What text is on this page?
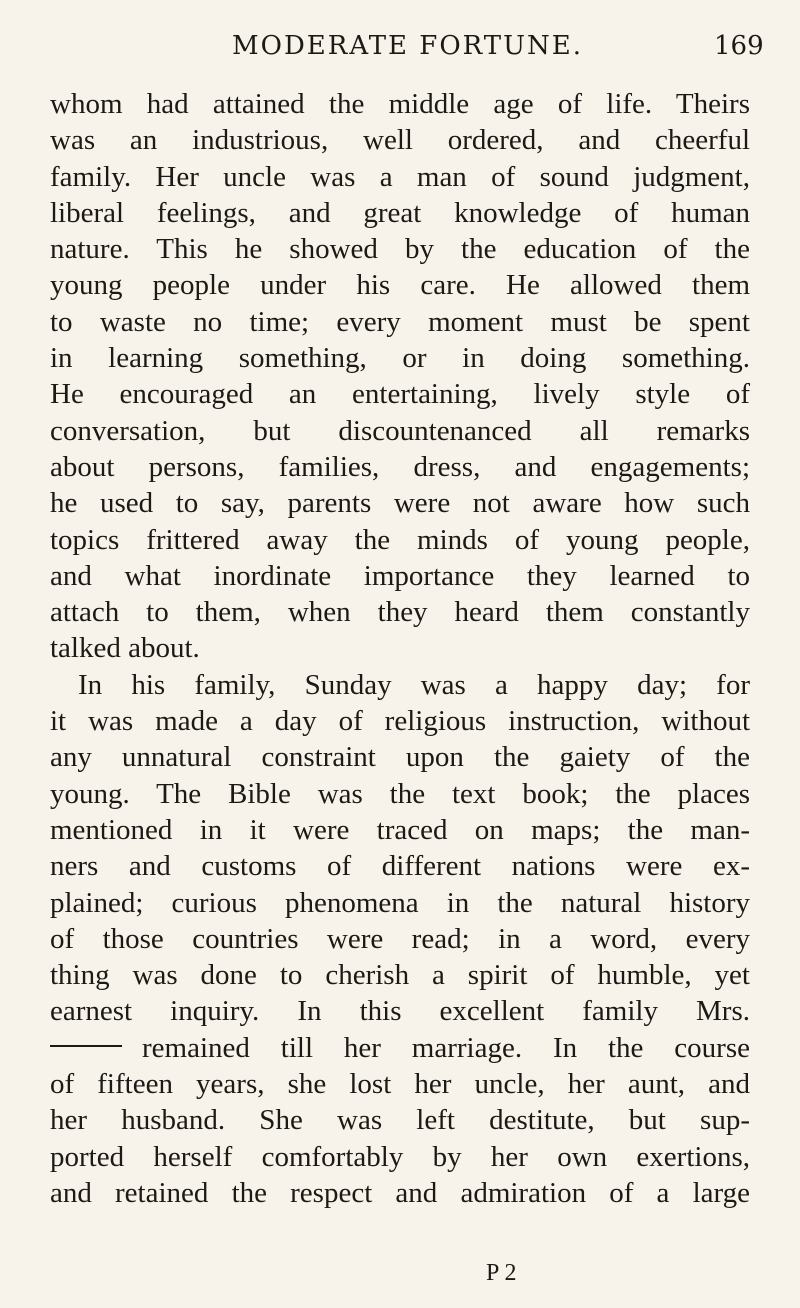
MODERATE FORTUNE.	169
whom had attained the middle age of life. Theirs
was an industrious, well ordered, and cheerful
family. Her uncle was a man of sound judgment,
liberal feelings, and great knowledge of human
nature. This he showed by the education of the
young people under his care. He allowed them
to waste no time; every moment must be spent
in learning something, or in doing something.
He encouraged an entertaining, lively style of
conversation, but discountenanced all remarks
about persons, families, dress, and engagements;
he used to say, parents were not aware how such
topics frittered away the minds of young people,
and what inordinate importance they learned to
attach to them, when they heard them constantly
talked about.
In his family, Sunday was a happy day; for
it was made a day of religious instruction, without
any unnatural constraint upon the gaiety of the
young. The Bible was the text book; the places
mentioned in it were traced on maps; the man-
ners and customs of different nations were ex-
plained; curious phenomena in the natural history
of those countries were read; in a word, every
thing was done to cherish a spirit of humble, yet
earnest inquiry. In this excellent family Mrs.
remained till her marriage. In the course
of fifteen years, she lost her uncle, her aunt, and
her husband. She was left destitute, but sup-
ported herself comfortably by her own exertions,
and retained the respect and admiration of a large
P 2
